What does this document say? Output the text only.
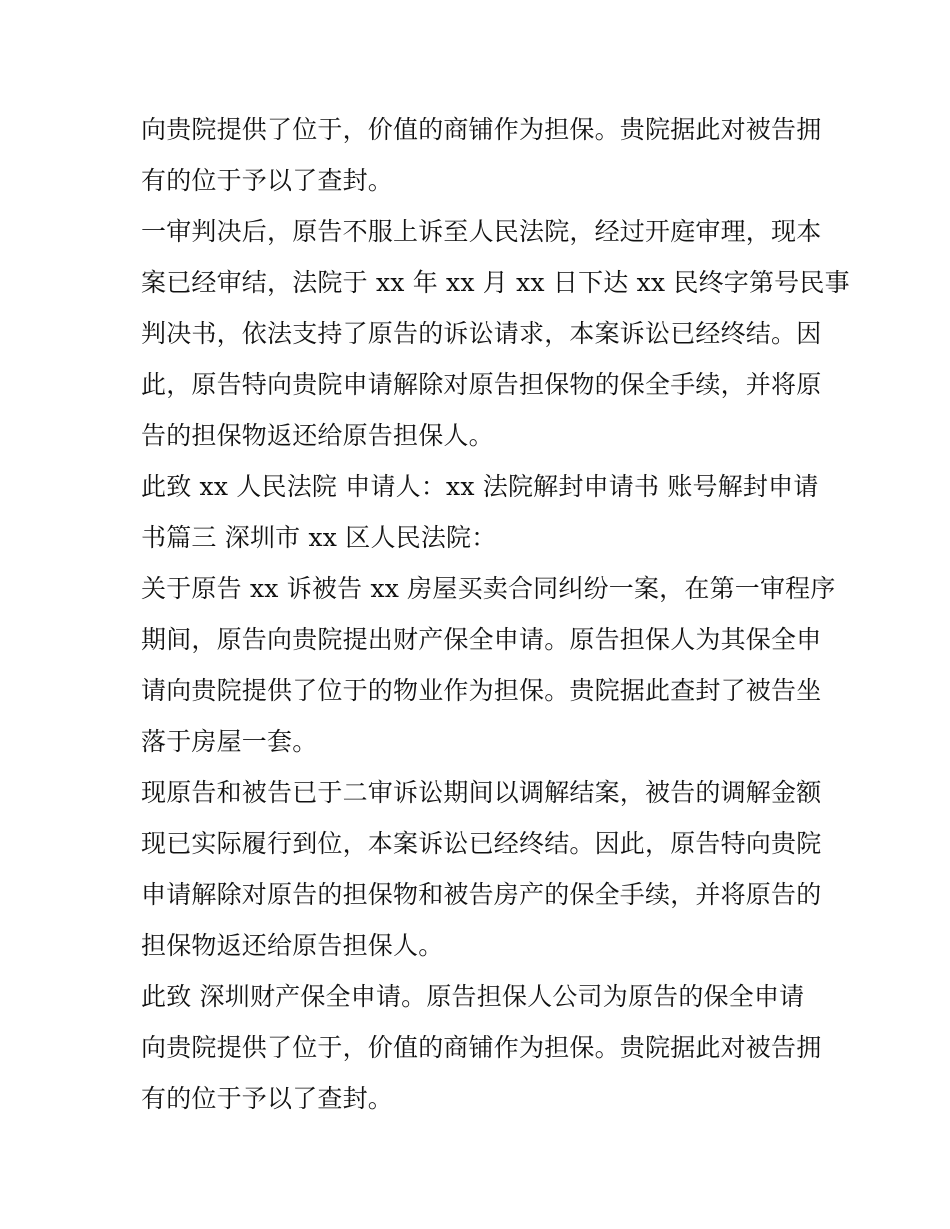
向贵院提供了位于，价值的商铺作为担保。贵院据此对被告拥
有的位于予以了查封。
一审判决后，原告不服上诉至人民法院，经过开庭审理，现本
案已经审结，法院于 xx 年 xx 月 xx 日下达 xx 民终字第号民事
判决书，依法支持了原告的诉讼请求，本案诉讼已经终结。因
此，原告特向贵院申请解除对原告担保物的保全手续，并将原
告的担保物返还给原告担保人。
此致 xx 人民法院 申请人：xx 法院解封申请书 账号解封申请
书篇三 深圳市 xx 区人民法院：
关于原告 xx 诉被告 xx 房屋买卖合同纠纷一案，在第一审程序
期间，原告向贵院提出财产保全申请。原告担保人为其保全申
请向贵院提供了位于的物业作为担保。贵院据此查封了被告坐
落于房屋一套。
现原告和被告已于二审诉讼期间以调解结案，被告的调解金额
现已实际履行到位，本案诉讼已经终结。因此，原告特向贵院
申请解除对原告的担保物和被告房产的保全手续，并将原告的
担保物返还给原告担保人。
此致 深圳财产保全申请。原告担保人公司为原告的保全申请
向贵院提供了位于，价值的商铺作为担保。贵院据此对被告拥
有的位于予以了查封。
